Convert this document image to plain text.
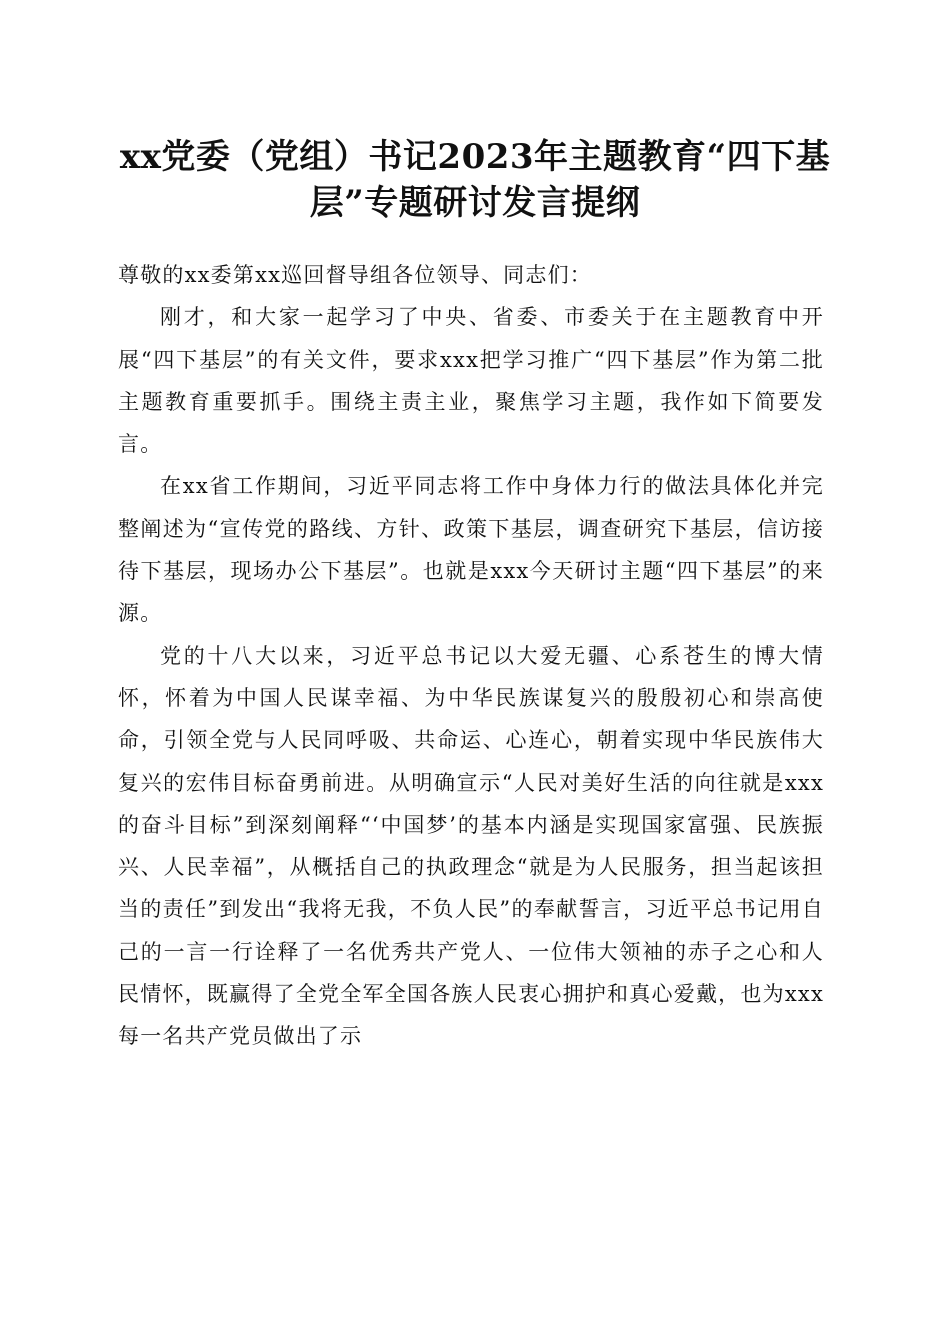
xx党委（党组）书记2023年主题教育“四下基层”专题研讨发言提纲

尊敬的xx委第xx巡回督导组各位领导、同志们：

刚才，和大家一起学习了中央、省委、市委关于在主题教育中开展“四下基层”的有关文件，要求xxx把学习推广“四下基层”作为第二批主题教育重要抓手。围绕主责主业，聚焦学习主题，我作如下简要发言。

在xx省工作期间，习近平同志将工作中身体力行的做法具体化并完整阐述为“宣传党的路线、方针、政策下基层，调查研究下基层，信访接待下基层，现场办公下基层”。也就是xxx今天研讨主题“四下基层”的来源。

党的十八大以来，习近平总书记以大爱无疆、心系苍生的博大情怀，怀着为中国人民谋幸福、为中华民族谋复兴的殷殷初心和崇高使命，引领全党与人民同呼吸、共命运、心连心，朝着实现中华民族伟大复兴的宏伟目标奋勇前进。从明确宣示“人民对美好生活的向往就是xxx的奋斗目标”到深刻阐释“‘中国梦’的基本内涵是实现国家富强、民族振兴、人民幸福”，从概括自己的执政理念“就是为人民服务，担当起该担当的责任”到发出“我将无我，不负人民”的奉献誓言，习近平总书记用自己的一言一行诠释了一名优秀共产党人、一位伟大领袖的赤子之心和人民情怀，既赢得了全党全军全国各族人民衷心拥护和真心爱戴，也为xxx每一名共产党员做出了示
